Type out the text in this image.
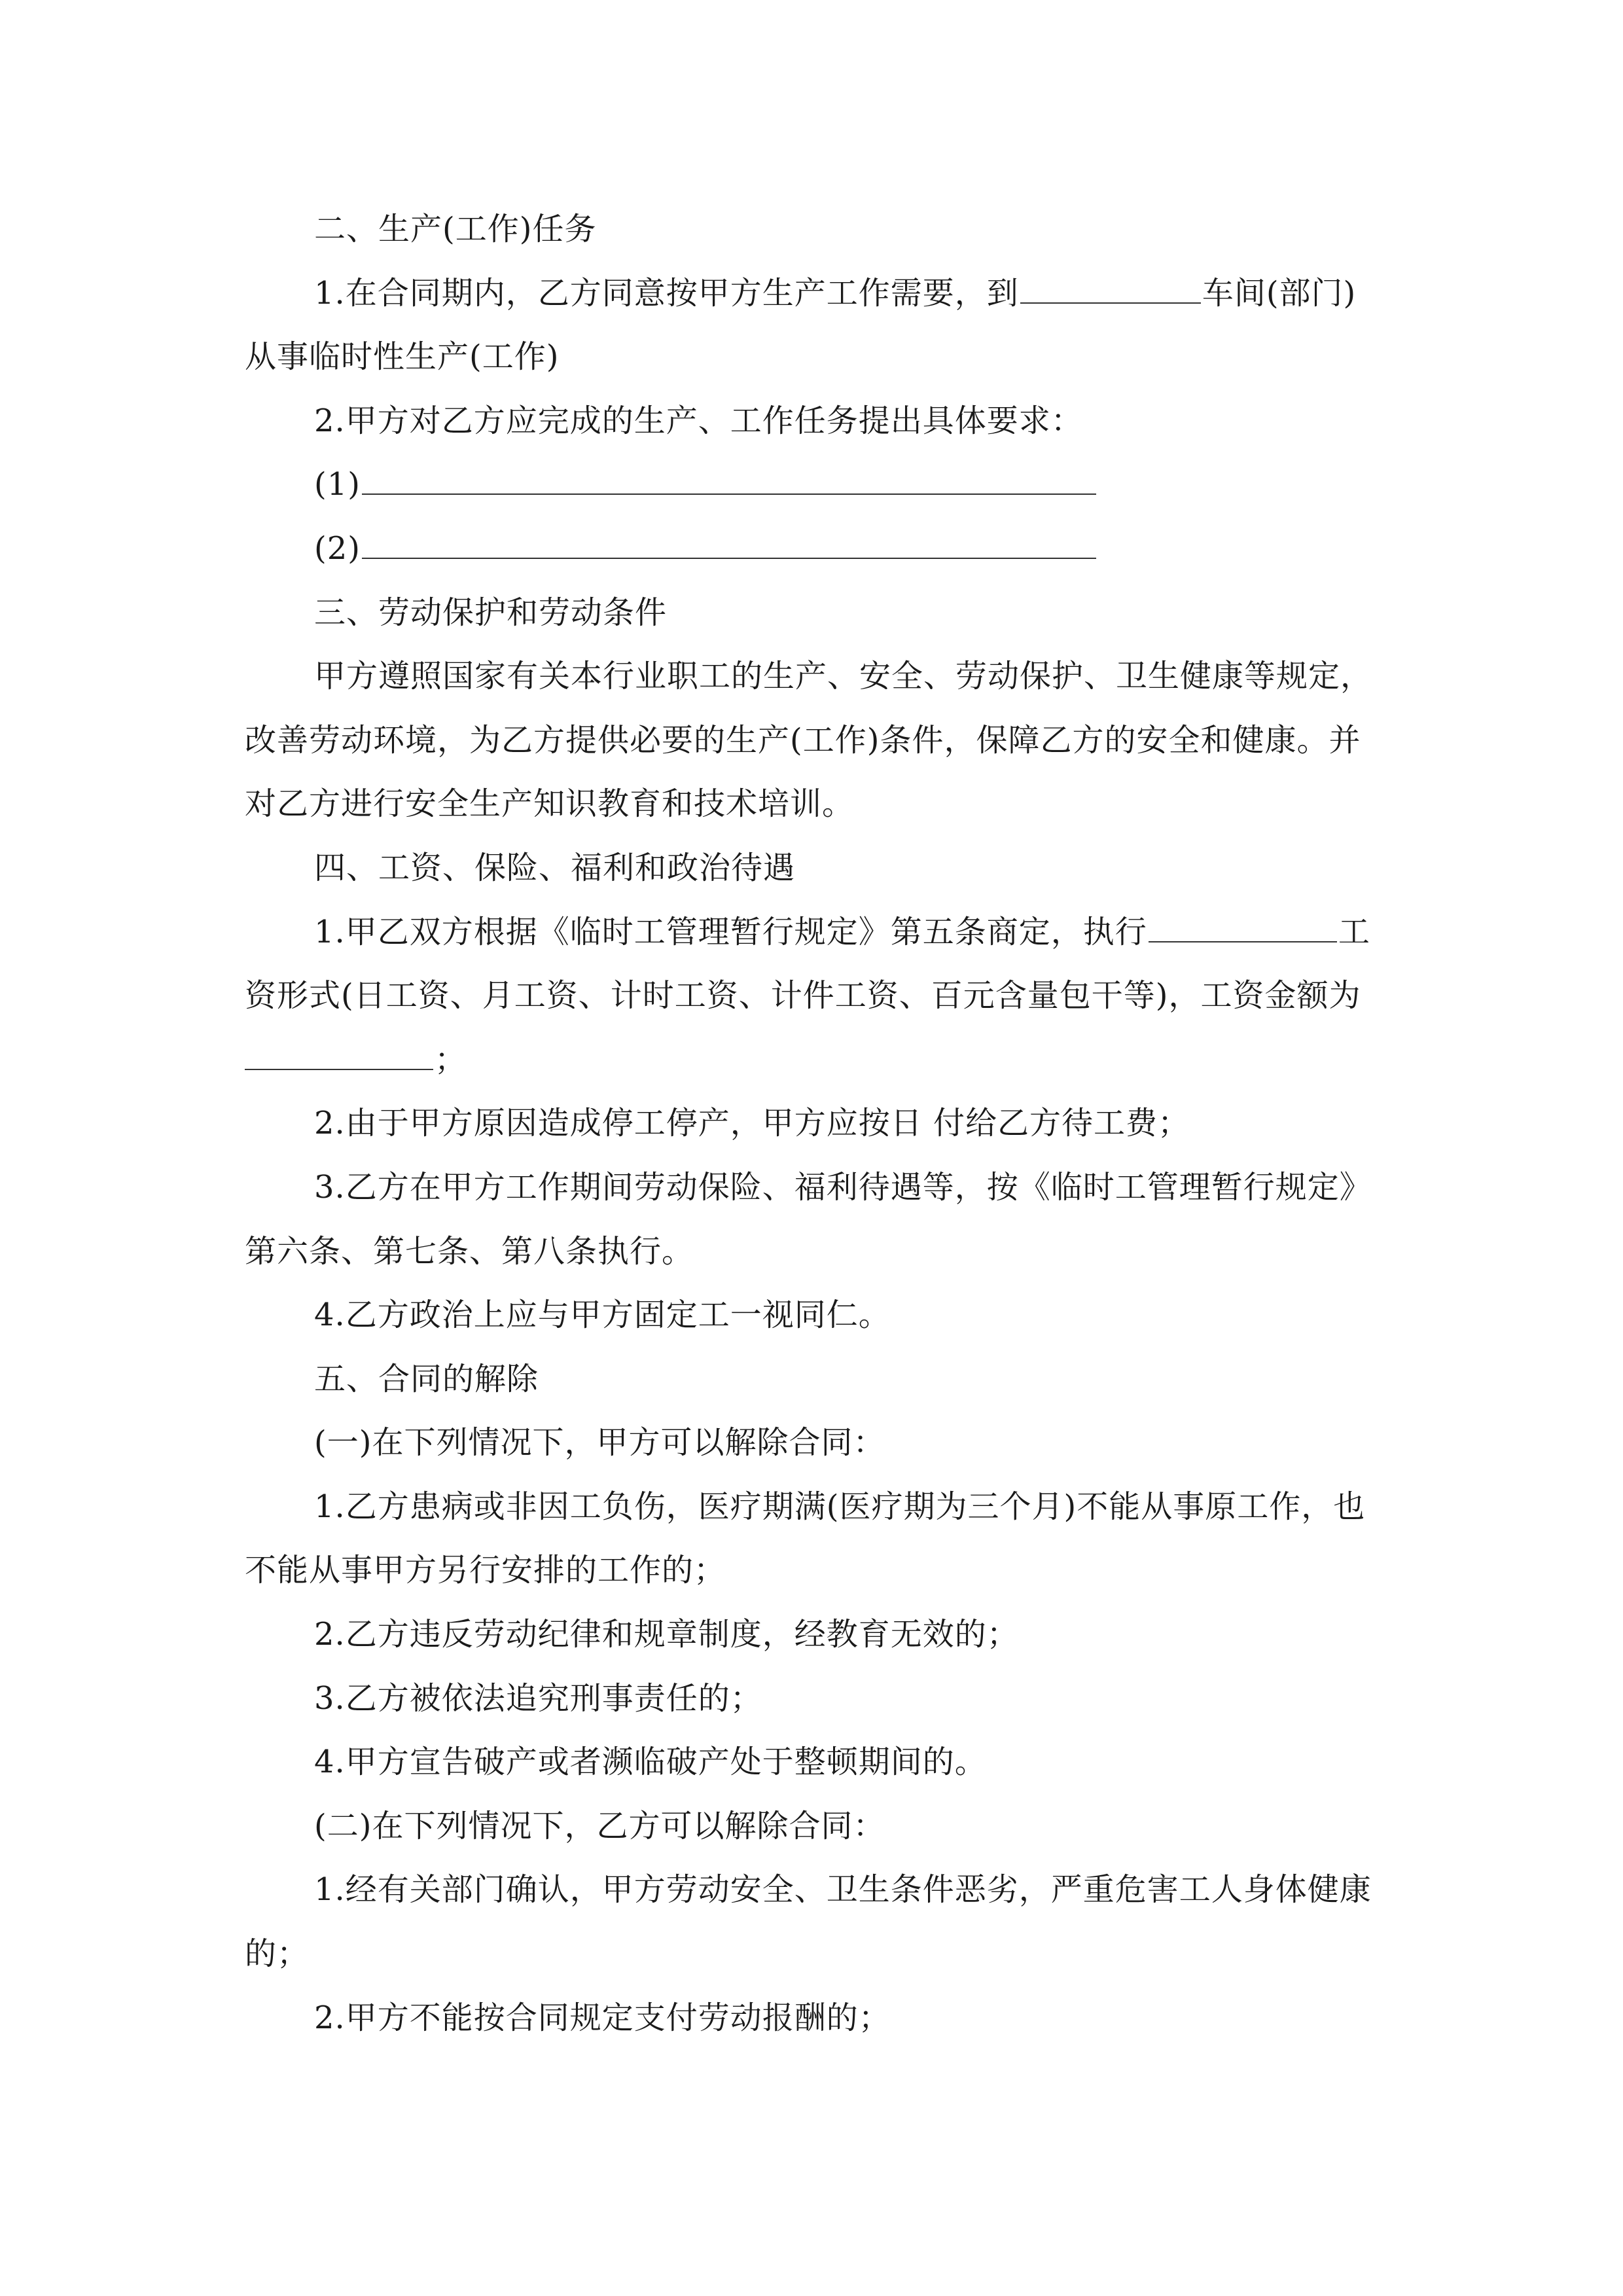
二、生产(工作)任务
1.在合同期内，乙方同意按甲方生产工作需要，到	车间(部门)
从事临时性生产(工作)
2.甲方对乙方应完成的生产、工作任务提出具体要求：
(1)
(2)
三、劳动保护和劳动条件
甲方遵照国家有关本行业职工的生产、安全、劳动保护、卫生健康等规定，
改善劳动环境，为乙方提供必要的生产(工作)条件，保障乙方的安全和健康。并
对乙方进行安全生产知识教育和技术培训。
四、工资、保险、福利和政治待遇
1.甲乙双方根据《临时工管理暂行规定》第五条商定，执行	工
资形式(日工资、月工资、计时工资、计件工资、百元含量包干等)，工资金额为
；
2.由于甲方原因造成停工停产，甲方应按日 付给乙方待工费；
3.乙方在甲方工作期间劳动保险、福利待遇等，按《临时工管理暂行规定》
第六条、第七条、第八条执行。
4.乙方政治上应与甲方固定工一视同仁。
五、合同的解除
(一)在下列情况下，甲方可以解除合同：
1.乙方患病或非因工负伤，医疗期满(医疗期为三个月)不能从事原工作，也
不能从事甲方另行安排的工作的；
2.乙方违反劳动纪律和规章制度，经教育无效的；
3.乙方被依法追究刑事责任的；
4.甲方宣告破产或者濒临破产处于整顿期间的。
(二)在下列情况下，乙方可以解除合同：
1.经有关部门确认，甲方劳动安全、卫生条件恶劣，严重危害工人身体健康
的；
2.甲方不能按合同规定支付劳动报酬的；
